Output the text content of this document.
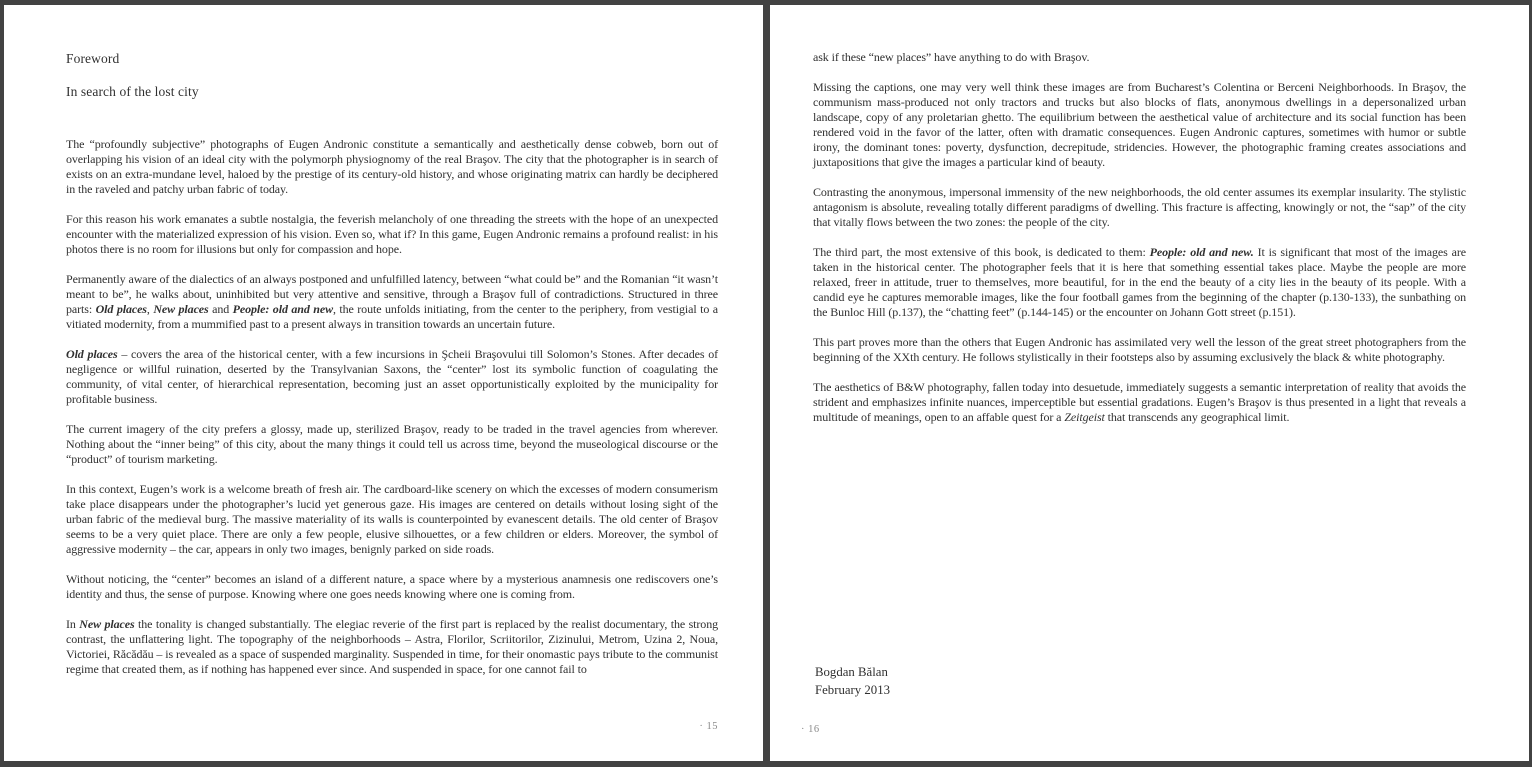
Foreword
In search of the lost city

The “profoundly subjective” photographs of Eugen Andronic constitute a semantically and aesthetically dense cobweb, born out of overlapping his vision of an ideal city with the polymorph physiognomy of the real Braşov. The city that the photographer is in search of exists on an extra-mundane level, haloed by the prestige of its century-old history, and whose originating matrix can hardly be deciphered in the raveled and patchy urban fabric of today.

For this reason his work emanates a subtle nostalgia, the feverish melancholy of one threading the streets with the hope of an unexpected encounter with the materialized expression of his vision. Even so, what if? In this game, Eugen Andronic remains a profound realist: in his photos there is no room for illusions but only for compassion and hope.

Permanently aware of the dialectics of an always postponed and unfulfilled latency, between “what could be” and the Romanian “it wasn’t meant to be”, he walks about, uninhibited but very attentive and sensitive, through a Braşov full of contradictions. Structured in three parts: Old places, New places and People: old and new, the route unfolds initiating, from the center to the periphery, from vestigial to a vitiated modernity, from a mummified past to a present always in transition towards an uncertain future.

Old places – covers the area of the historical center, with a few incursions in Şcheii Braşovului till Solomon’s Stones. After decades of negligence or willful ruination, deserted by the Transylvanian Saxons, the “center” lost its symbolic function of coagulating the community, of vital center, of hierarchical representation, becoming just an asset opportunistically exploited by the municipality for profitable business.

The current imagery of the city prefers a glossy, made up, sterilized Braşov, ready to be traded in the travel agencies from wherever. Nothing about the “inner being” of this city, about the many things it could tell us across time, beyond the museological discourse or the “product” of tourism marketing.

In this context, Eugen’s work is a welcome breath of fresh air. The cardboard-like scenery on which the excesses of modern consumerism take place disappears under the photographer’s lucid yet generous gaze. His images are centered on details without losing sight of the urban fabric of the medieval burg. The massive materiality of its walls is counterpointed by evanescent details. The old center of Braşov seems to be a very quiet place. There are only a few people, elusive silhouettes, or a few children or elders. Moreover, the symbol of aggressive modernity – the car, appears in only two images, benignly parked on side roads.

Without noticing, the “center” becomes an island of a different nature, a space where by a mysterious anamnesis one rediscovers one’s identity and thus, the sense of purpose. Knowing where one goes needs knowing where one is coming from.

In New places the tonality is changed substantially. The elegiac reverie of the first part is replaced by the realist documentary, the strong contrast, the unflattering light. The topography of the neighborhoods – Astra, Florilor, Scriitorilor, Zizinului, Metrom, Uzina 2, Noua, Victoriei, Răcădău – is revealed as a space of suspended marginality. Suspended in time, for their onomastic pays tribute to the communist regime that created them, as if nothing has happened ever since. And suspended in space, for one cannot fail to

· 15

ask if these “new places” have anything to do with Braşov.

Missing the captions, one may very well think these images are from Bucharest’s Colentina or Berceni Neighborhoods. In Braşov, the communism mass-produced not only tractors and trucks but also blocks of flats, anonymous dwellings in a depersonalized urban landscape, copy of any proletarian ghetto. The equilibrium between the aesthetical value of architecture and its social function has been rendered void in the favor of the latter, often with dramatic consequences. Eugen Andronic captures, sometimes with humor or subtle irony, the dominant tones: poverty, dysfunction, decrepitude, stridencies. However, the photographic framing creates associations and juxtapositions that give the images a particular kind of beauty.

Contrasting the anonymous, impersonal immensity of the new neighborhoods, the old center assumes its exemplar insularity. The stylistic antagonism is absolute, revealing totally different paradigms of dwelling. This fracture is affecting, knowingly or not, the “sap” of the city that vitally flows between the two zones: the people of the city.

The third part, the most extensive of this book, is dedicated to them: People: old and new. It is significant that most of the images are taken in the historical center. The photographer feels that it is here that something essential takes place. Maybe the people are more relaxed, freer in attitude, truer to themselves, more beautiful, for in the end the beauty of a city lies in the beauty of its people. With a candid eye he captures memorable images, like the four football games from the beginning of the chapter (p.130-133), the sunbathing on the Bunloc Hill (p.137), the “chatting feet” (p.144-145) or the encounter on Johann Gott street (p.151).

This part proves more than the others that Eugen Andronic has assimilated very well the lesson of the great street photographers from the beginning of the XXth century. He follows stylistically in their footsteps also by assuming exclusively the black & white photography.

The aesthetics of B&W photography, fallen today into desuetude, immediately suggests a semantic interpretation of reality that avoids the strident and emphasizes infinite nuances, imperceptible but essential gradations. Eugen’s Braşov is thus presented in a light that reveals a multitude of meanings, open to an affable quest for a Zeitgeist that transcends any geographical limit.

Bogdan Bălan
February 2013
· 16
